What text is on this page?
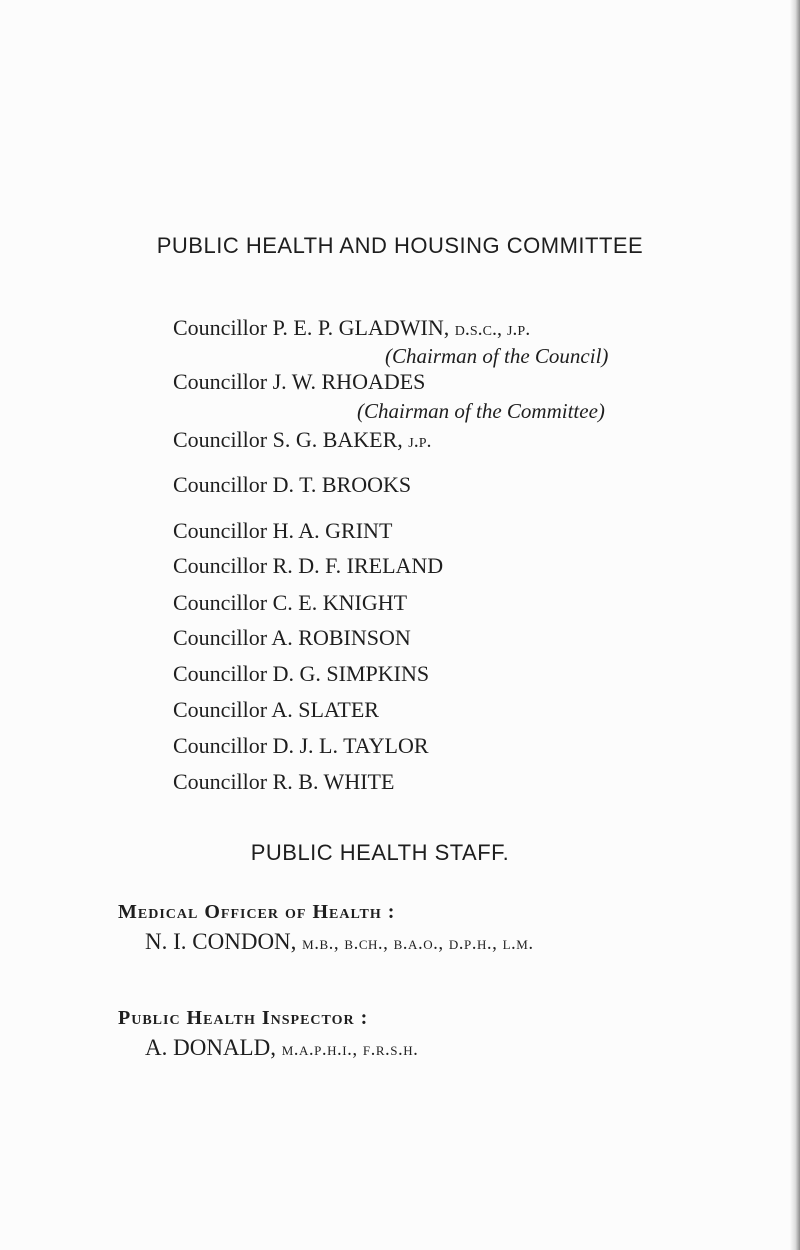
PUBLIC HEALTH AND HOUSING COMMITTEE
Councillor P. E. P. GLADWIN, d.s.c., j.p.
(Chairman of the Council)
Councillor J. W. RHOADES
(Chairman of the Committee)
Councillor S. G. BAKER, j.p.
Councillor D. T. BROOKS
Councillor H. A. GRINT
Councillor R. D. F. IRELAND
Councillor C. E. KNIGHT
Councillor A. ROBINSON
Councillor D. G. SIMPKINS
Councillor A. SLATER
Councillor D. J. L. TAYLOR
Councillor R. B. WHITE
PUBLIC HEALTH STAFF.
Medical Officer of Health :
N. I. CONDON, m.b., b.ch., b.a.o., d.p.h., l.m.
Public Health Inspector :
A. DONALD, m.a.p.h.i., f.r.s.h.
